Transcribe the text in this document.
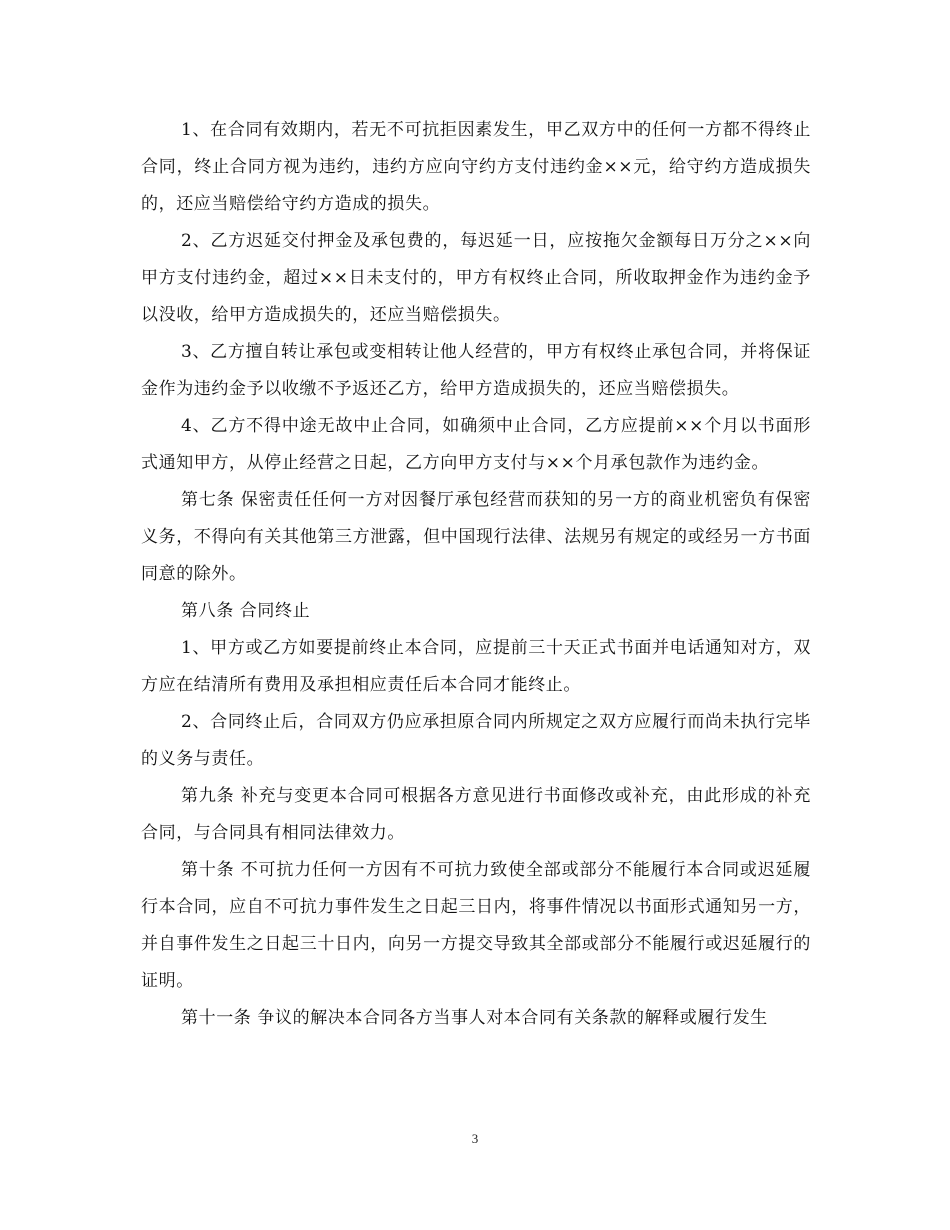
1、在合同有效期内，若无不可抗拒因素发生，甲乙双方中的任何一方都不得终止合同，终止合同方视为违约，违约方应向守约方支付违约金××元，给守约方造成损失的，还应当赔偿给守约方造成的损失。

2、乙方迟延交付押金及承包费的，每迟延一日，应按拖欠金额每日万分之××向甲方支付违约金，超过××日未支付的，甲方有权终止合同，所收取押金作为违约金予以没收，给甲方造成损失的，还应当赔偿损失。

3、乙方擅自转让承包或变相转让他人经营的，甲方有权终止承包合同，并将保证金作为违约金予以收缴不予返还乙方，给甲方造成损失的，还应当赔偿损失。

4、乙方不得中途无故中止合同，如确须中止合同，乙方应提前××个月以书面形式通知甲方，从停止经营之日起，乙方向甲方支付与××个月承包款作为违约金。

第七条 保密责任任何一方对因餐厅承包经营而获知的另一方的商业机密负有保密义务，不得向有关其他第三方泄露，但中国现行法律、法规另有规定的或经另一方书面同意的除外。

第八条 合同终止

1、甲方或乙方如要提前终止本合同，应提前三十天正式书面并电话通知对方，双方应在结清所有费用及承担相应责任后本合同才能终止。

2、合同终止后，合同双方仍应承担原合同内所规定之双方应履行而尚未执行完毕的义务与责任。

第九条 补充与变更本合同可根据各方意见进行书面修改或补充，由此形成的补充合同，与合同具有相同法律效力。

第十条 不可抗力任何一方因有不可抗力致使全部或部分不能履行本合同或迟延履行本合同，应自不可抗力事件发生之日起三日内，将事件情况以书面形式通知另一方，并自事件发生之日起三十日内，向另一方提交导致其全部或部分不能履行或迟延履行的证明。

第十一条 争议的解决本合同各方当事人对本合同有关条款的解释或履行发生

3
